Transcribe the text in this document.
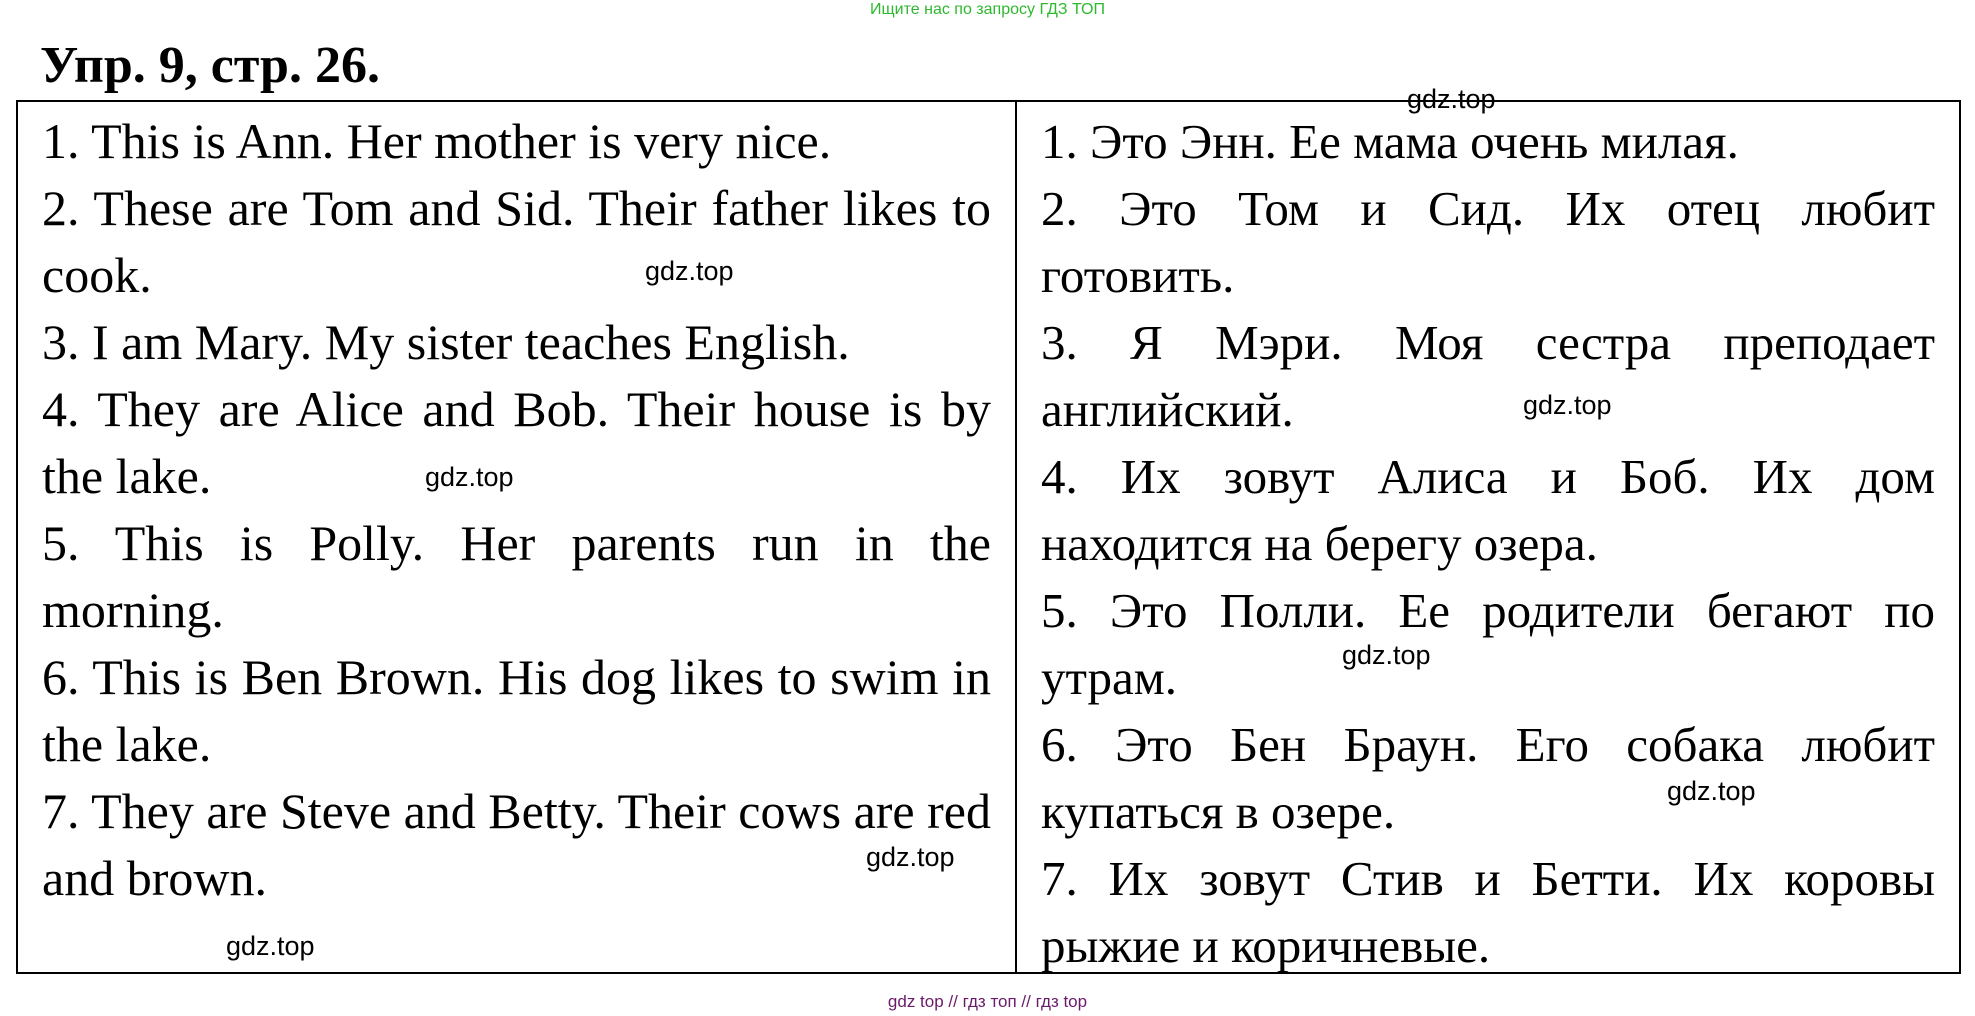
Ищите нас по запросу ГДЗ ТОП
Упр. 9, стр. 26.

1. This is Ann. Her mother is very nice.

2. These are Tom and Sid. Their father likes to cook.

3. I am Mary. My sister teaches English.

4. They are Alice and Bob. Their house is by the lake.

5. This is Polly. Her parents run in the morning.

6. This is Ben Brown. His dog likes to swim in the lake.

7. They are Steve and Betty. Their cows are red and brown.

1. Это Энн. Ее мама очень милая.

2. Это Том и Сид. Их отец любит готовить.

3. Я Мэри. Моя сестра преподает английский.

4. Их зовут Алиса и Боб. Их дом находится на берегу озера.

5. Это Полли. Ее родители бегают по утрам.

6. Это Бен Браун. Его собака любит купаться в озере.

7. Их зовут Стив и Бетти. Их коровы рыжие и коричневые.

gdz.top
gdz.top
gdz.top
gdz.top
gdz.top
gdz.top
gdz.top
gdz.top
gdz top // гдз топ // гдз top
